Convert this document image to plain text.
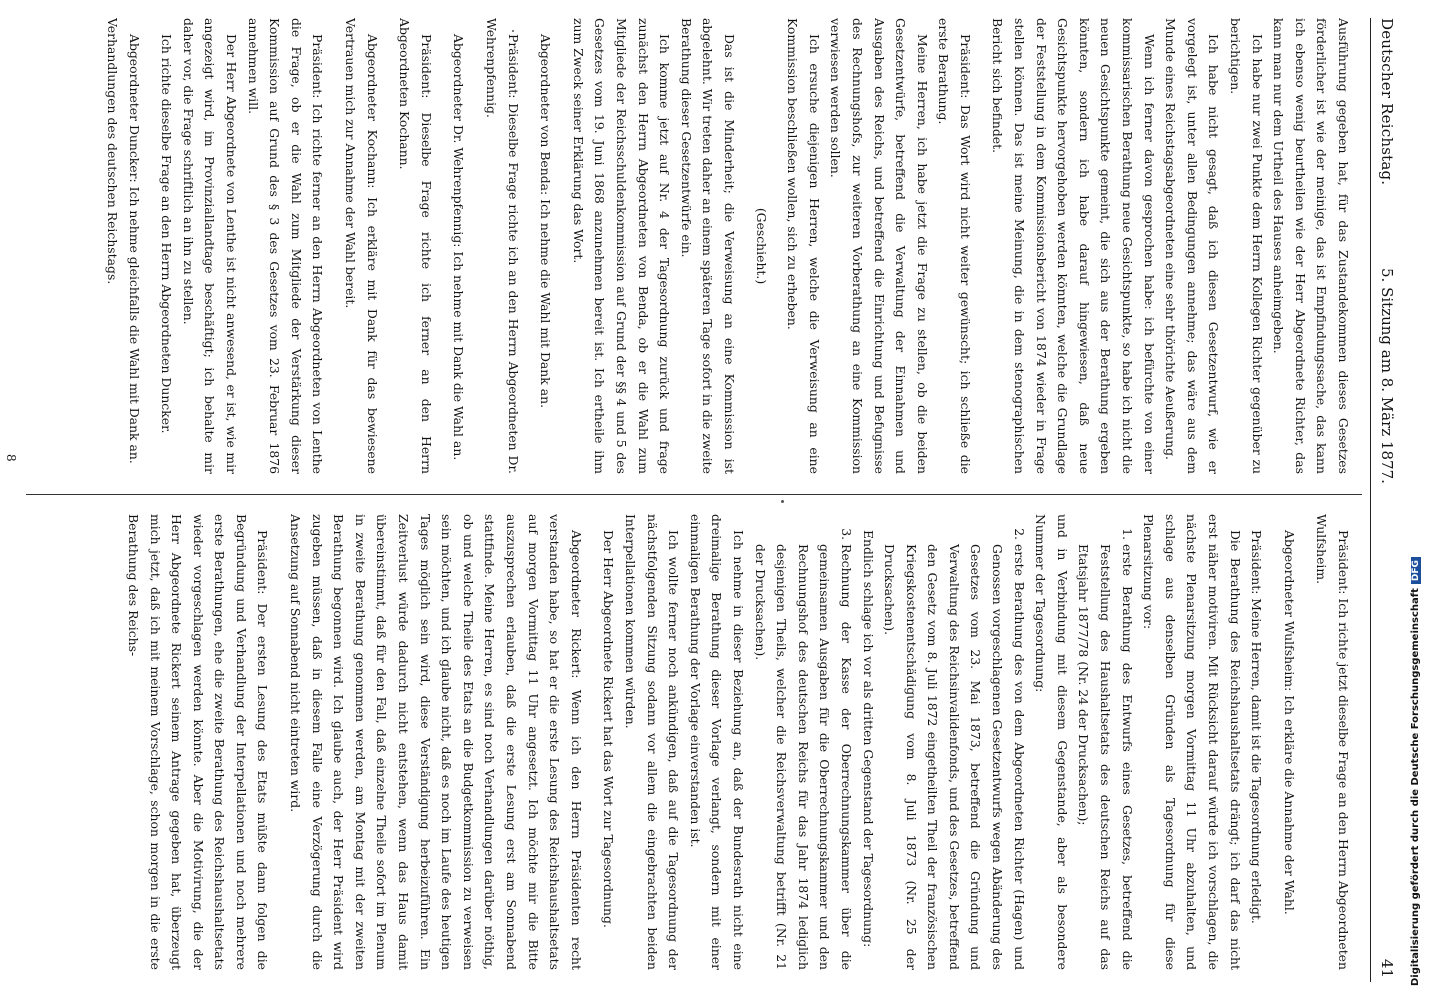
Deutscher Reichstag.
5. Sitzung am 8. März 1877.
41

Ausführung gegeben hat, für das Zustandekommen dieses Gesetzes förderlicher ist wie der meinige, das ist Empfindungssache, das kann ich ebenso wenig beurtheilen wie der Herr Abgeordnete Richter, das kann man nur dem Urtheil des Hauses anheimgeben.

Ich habe nur zwei Punkte dem Herrn Kollegen Richter gegenüber zu berichtigen.

Ich habe nicht gesagt, daß ich diesen Gesetzentwurf, wie er vorgelegt ist, unter allen Bedingungen annehme; das wäre aus dem Munde eines Reichstagsabgeordneten eine sehr thörichte Aeußerung.

Wenn ich ferner davon gesprochen habe: ich befürchte von einer kommissarischen Berathung neue Gesichtspunkte, so habe ich nicht die neuen Gesichtspunkte gemeint, die sich aus der Berathung ergeben könnten, sondern ich habe darauf hingewiesen, daß neue Gesichtspunkte hervorgehoben werden könnten, welche die Grundlage der Feststellung in dem Kommissionsbericht von 1874 wieder in Frage stellen können. Das ist meine Meinung, die in dem stenographischen Bericht sich befindet.

Präsident: Das Wort wird nicht weiter gewünscht; ich schließe die erste Berathung.

Meine Herren, ich habe jetzt die Frage zu stellen, ob die beiden Gesetzentwürfe, betreffend die Verwaltung der Einnahmen und Ausgaben des Reichs, und betreffend die Einrichtung und Befugnisse des Rechnungshofs, zur weiteren Vorberathung an eine Kommission verwiesen werden sollen.

Ich ersuche diejenigen Herren, welche die Verweisung an eine Kommission beschließen wollen, sich zu erheben.

(Geschieht.)

Das ist die Minderheit; die Verweisung an eine Kommission ist abgelehnt. Wir treten daher an einem späteren Tage sofort in die zweite Berathung dieser Gesetzentwürfe ein.

Ich komme jetzt auf Nr. 4 der Tagesordnung zurück und frage zunächst den Herrn Abgeordneten von Benda, ob er die Wahl zum Mitgliede der Reichsschuldenkommission auf Grund der §§ 4 und 5 des Gesetzes vom 19. Juni 1868 anzunehmen bereit ist. Ich ertheile ihm zum Zweck seiner Erklärung das Wort.

Abgeordneter von Benda: Ich nehme die Wahl mit Dank an.

Präsident: Dieselbe Frage richte ich an den Herrn Abgeordneten Dr. Wehrenpfennig.

Abgeordneter Dr. Wehrenpfennig: Ich nehme mit Dank die Wahl an.

Präsident: Dieselbe Frage richte ich ferner an den Herrn Abgeordneten Kochann.

Abgeordneter Kochann: Ich erkläre mit Dank für das bewiesene Vertrauen mich zur Annahme der Wahl bereit.

Präsident: Ich richte ferner an den Herrn Abgeordneten von Lenthe die Frage, ob er die Wahl zum Mitgliede der Verstärkung dieser Kommission auf Grund des § 3 des Gesetzes vom 23. Februar 1876 annehmen will.

Der Herr Abgeordnete von Lenthe ist nicht anwesend, er ist, wie mir angezeigt wird, im Provinziallandtage beschäftigt; ich behalte mir daher vor, die Frage schriftlich an ihn zu stellen.

Ich richte dieselbe Frage an den Herrn Abgeordneten Duncker.

Abgeordneter Duncker: Ich nehme gleichfalls die Wahl mit Dank an.

Verhandlungen des deutschen Reichstags.

Präsident: Ich richte jetzt dieselbe Frage an den Herrn Abgeordneten Wulfsheim.

Abgeordneter Wulfsheim: Ich erkläre die Annahme der Wahl.

Präsident: Meine Herren, damit ist die Tagesordnung erledigt.

Die Berathung des Reichshaushaltsetats drängt; ich darf das nicht erst näher motiviren. Mit Rücksicht darauf würde ich vorschlagen, die nächste Plenarsitzung morgen Vormittag 11 Uhr abzuhalten, und schlage aus denselben Gründen als Tagesordnung für diese Plenarsitzung vor:

1. erste Berathung des Entwurfs eines Gesetzes, betreffend die Feststellung des Haushaltsetats des deutschen Reichs auf das Etatsjahr 1877/78 (Nr. 24 der Drucksachen);

und in Verbindung mit diesem Gegenstande, aber als besondere Nummer der Tagesordnung:

2. erste Berathung des von dem Abgeordneten Richter (Hagen) und Genossen vorgeschlagenen Gesetzentwurfs wegen Abänderung des Gesetzes vom 23. Mai 1873, betreffend die Gründung und Verwaltung des Reichsinvalidenfonds, und des Gesetzes, betreffend den Gesetz vom 8. Juli 1872 eingetheilten Theil der französischen Kriegskostenentschädigung vom 8. Juli 1873 (Nr. 25 der Drucksachen).

Endlich schlage ich vor als dritten Gegenstand der Tagesordnung:

3. Rechnung der Kasse der Oberrechnungskammer über die gemeinsamen Ausgaben für die Oberrechnungskammer und den Rechnungshof des deutschen Reichs für das Jahr 1874 lediglich desjenigen Theils, welcher die Reichsverwaltung betrifft (Nr. 21 der Drucksachen).

Ich nehme in dieser Beziehung an, daß der Bundesrath nicht eine dreimalige Berathung dieser Vorlage verlangt, sondern mit einer einmaligen Berathung der Vorlage einverstanden ist.

Ich wollte ferner noch ankündigen, daß auf die Tagesordnung der nächstfolgenden Sitzung sodann vor allem die eingebrachten beiden Interpellationen kommen würden.

Der Herr Abgeordnete Rickert hat das Wort zur Tagesordnung.

Abgeordneter Rickert: Wenn ich den Herrn Präsidenten recht verstanden habe, so hat er die erste Lesung des Reichshaushaltsetats auf morgen Vormittag 11 Uhr angesetzt. Ich möchte mir die Bitte auszusprechen erlauben, daß die erste Lesung erst am Sonnabend stattfinde. Meine Herren, es sind noch Verhandlungen darüber nöthig, ob und welche Theile des Etats an die Budgetkommission zu verweisen sein möchten, und ich glaube nicht, daß es noch im Laufe des heutigen Tages möglich sein wird, diese Verständigung herbeizuführen. Ein Zeitverlust würde dadurch nicht entstehen, wenn das Haus damit übereinstimmt, daß für den Fall, daß einzelne Theile sofort im Plenum in zweite Berathung genommen werden, am Montag mit der zweiten Berathung begonnen wird. Ich glaube auch, der Herr Präsident wird zugeben müssen, daß in diesem Falle eine Verzögerung durch die Ansetzung auf Sonnabend nicht eintreten wird.

Präsident: Der ersten Lesung des Etats müßte dann folgen die Begründung und Verhandlung der Interpellationen und noch mehrere erste Berathungen, ehe die zweite Berathung des Reichshaushaltsetats wieder vorgeschlagen werden könnte. Aber die Motivirung, die der Herr Abgeordnete Rickert seinem Antrage gegeben hat, überzeugt mich jetzt, daß ich mit meinem Vorschlage, schon morgen in die erste Berathung des Reichs-

8
Digitalisierung gefördert durch die Deutsche ForschungsgemeinschaftDFG
